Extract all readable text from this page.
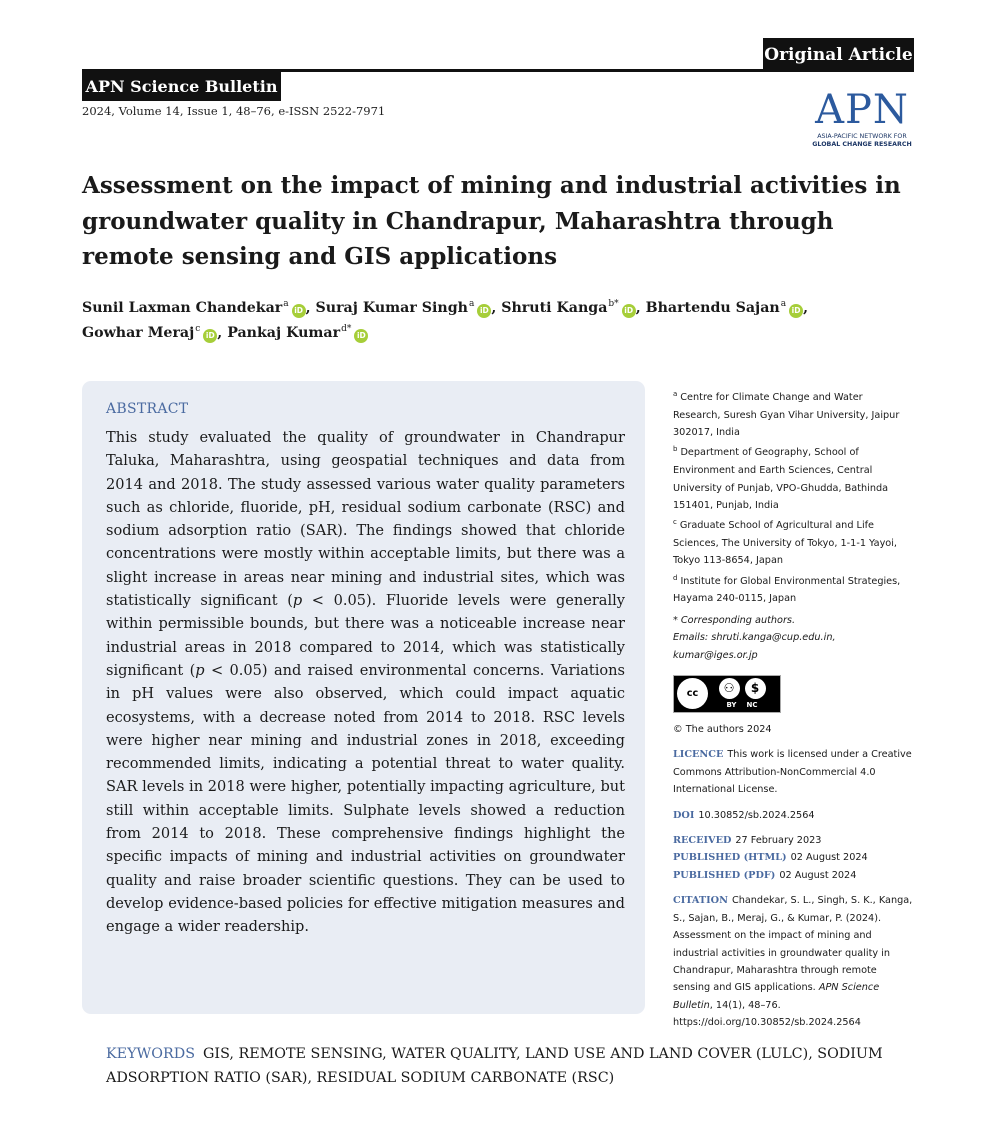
Original Article
APN Science Bulletin
2024, Volume 14, Issue 1, 48–76, e-ISSN 2522-7971	APN
ASIA-PACIFIC NETWORK FOR
GLOBAL CHANGE RESEARCH
Assessment on the impact of mining and industrial activities in groundwater quality in Chandrapur, Maharashtra through remote sensing and GIS applications
Sunil Laxman Chandekar$^a$iD , Suraj Kumar Singh$^a$iD , Shruti Kanga$^{b*}$iD , Bhartendu Sajan$^a$iD ,
Gowhar Meraj$^c$iD , Pankaj Kumar$^{d*}$iD
ABSTRACT

This study evaluated the quality of groundwater in Chandrapur Taluka, Maharashtra, using geospatial techniques and data from 2014 and 2018. The study assessed various water quality parameters such as chloride, fluoride, pH, residual sodium carbonate (RSC) and sodium adsorption ratio (SAR). The findings showed that chloride concentrations were mostly within acceptable limits, but there was a slight increase in areas near mining and industrial sites, which was statistically significant (p < 0.05). Fluoride levels were generally within permissible bounds, but there was a noticeable increase near industrial areas in 2018 compared to 2014, which was statistically significant (p < 0.05) and raised environmental concerns. Variations in pH values were also observed, which could impact aquatic ecosystems, with a decrease noted from 2014 to 2018. RSC levels were higher near mining and industrial zones in 2018, exceeding recommended limits, indicating a potential threat to water quality. SAR levels in 2018 were higher, potentially impacting agriculture, but still within acceptable limits. Sulphate levels showed a reduction from 2014 to 2018. These comprehensive findings highlight the specific impacts of mining and industrial activities on groundwater quality and raise broader scientific questions. They can be used to develop evidence-based policies for effective mitigation measures and engage a wider readership.

$^a$ Centre for Climate Change and Water Research, Suresh Gyan Vihar University, Jaipur 302017, India

$^b$ Department of Geography, School of Environment and Earth Sciences, Central University of Punjab, VPO-Ghudda, Bathinda 151401, Punjab, India

$^c$ Graduate School of Agricultural and Life Sciences, The University of Tokyo, 1-1-1 Yayoi, Tokyo 113-8654, Japan

$^d$ Institute for Global Environmental Strategies, Hayama 240-0115, Japan

* Corresponding authors.
Emails: shruti.kanga@cup.edu.in, kumar@iges.or.jp
cc	⚇	$
BY NC
© The authors 2024
LICENCE This work is licensed under a Creative Commons Attribution-NonCommercial 4.0 International License.
DOI 10.30852/sb.2024.2564
RECEIVED 27 February 2023
PUBLISHED (HTML) 02 August 2024
PUBLISHED (PDF) 02 August 2024
CITATION Chandekar, S. L., Singh, S. K., Kanga, S., Sajan, B., Meraj, G., & Kumar, P. (2024). Assessment on the impact of mining and industrial activities in groundwater quality in Chandrapur, Maharashtra through remote sensing and GIS applications. APN Science Bulletin, 14(1), 48–76. https://doi.org/10.30852/sb.2024.2564
KEYWORDS GIS, REMOTE SENSING, WATER QUALITY, LAND USE AND LAND COVER (LULC), SODIUM ADSORPTION RATIO (SAR), RESIDUAL SODIUM CARBONATE (RSC)
